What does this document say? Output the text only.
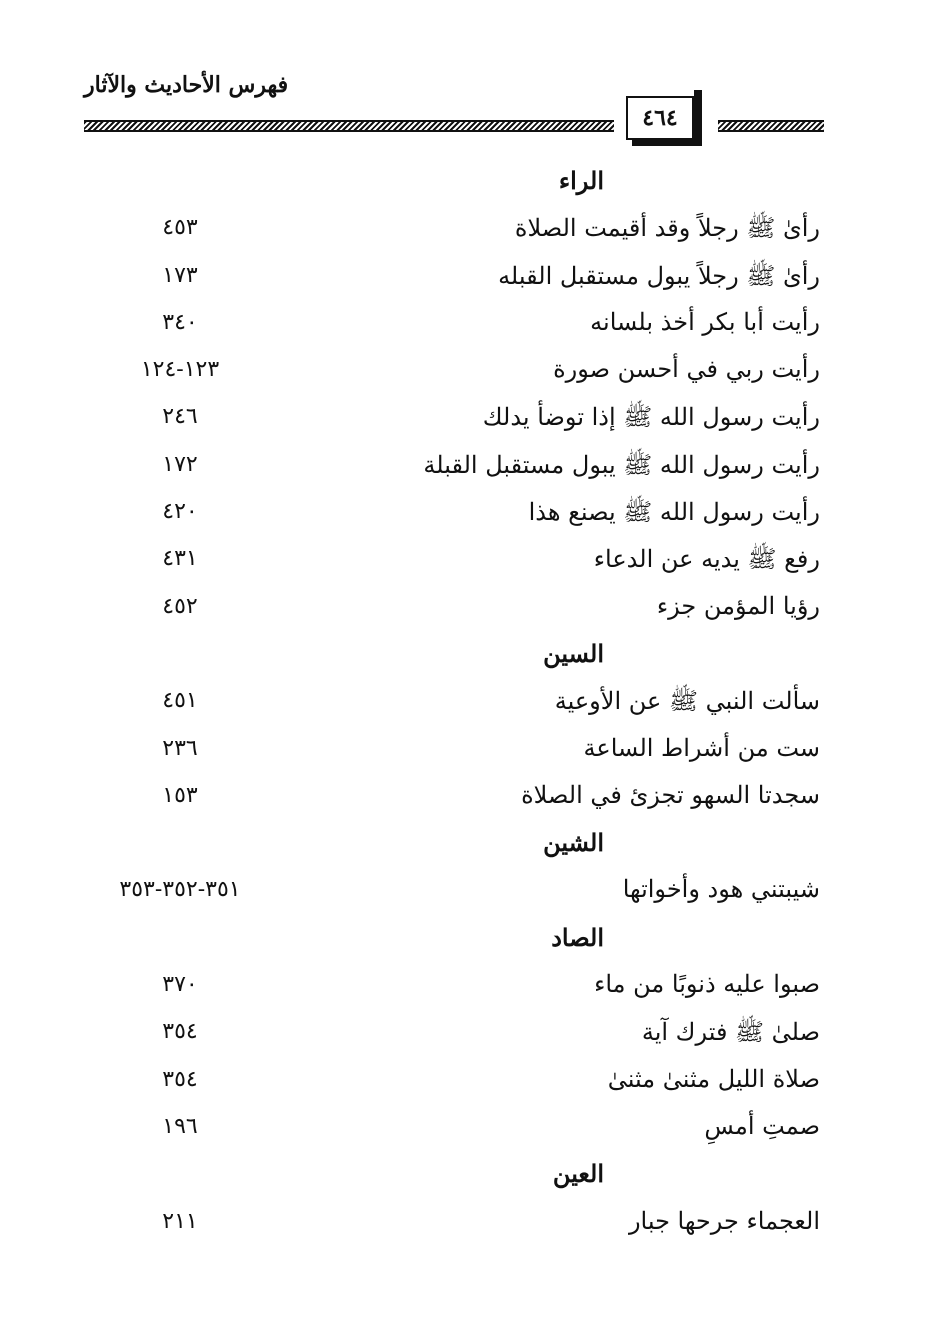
فهرس الأحاديث والآثار
٤٦٤
الراء
رأىٰ ﷺ رجلاً وقد أقيمت الصلاة
٤٥٣
رأىٰ ﷺ رجلاً يبول مستقبل القبله
١٧٣
رأيت أبا بكر أخذ بلسانه
٣٤٠
رأيت ربي في أحسن صورة
١٢٣-١٢٤
رأيت رسول الله ﷺ إذا توضأ يدلك
٢٤٦
رأيت رسول الله ﷺ يبول مستقبل القبلة
١٧٢
رأيت رسول الله ﷺ يصنع هذا
٤٢٠
رفع ﷺ يديه عن الدعاء
٤٣١
رؤيا المؤمن جزء
٤٥٢
السين
سألت النبي ﷺ عن الأوعية
٤٥١
ست من أشراط الساعة
٢٣٦
سجدتا السهو تجزئ في الصلاة
١٥٣
الشين
شيبتني هود وأخواتها
٣٥١-٣٥٢-٣٥٣
الصاد
صبوا عليه ذنوبًا من ماء
٣٧٠
صلىٰ ﷺ فترك آية
٣٥٤
صلاة الليل مثنىٰ مثنىٰ
٣٥٤
صمتِ أمسِ
١٩٦
العين
العجماء جرحها جبار
٢١١
